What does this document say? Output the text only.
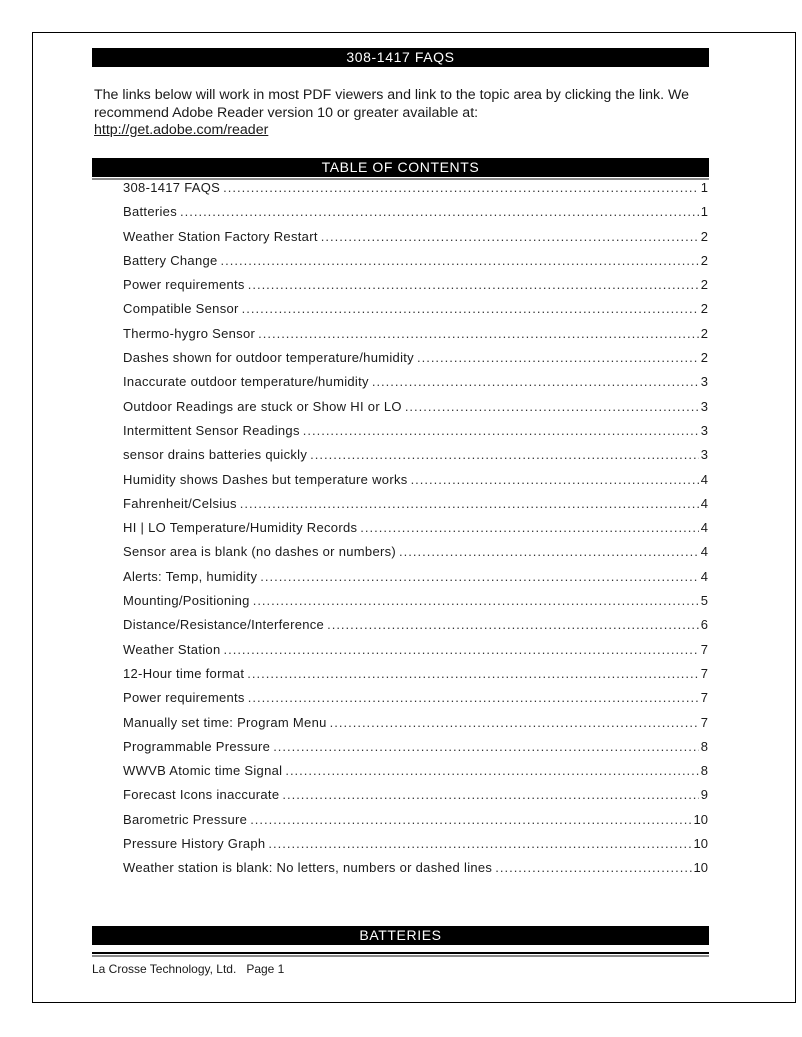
308-1417 FAQS
The links below will work in most PDF viewers and link to the topic area by clicking the link. We recommend Adobe Reader version 10 or greater available at:
http://get.adobe.com/reader
TABLE OF CONTENTS
308-1417 FAQS .....	1
Batteries .....	1
Weather Station Factory Restart .....	2
Battery Change .....	2
Power requirements .....	2
Compatible Sensor .....	2
Thermo-hygro Sensor .....	2
Dashes shown for outdoor temperature/humidity .....	2
Inaccurate outdoor temperature/humidity .....	3
Outdoor Readings are stuck or Show HI or LO .....	3
Intermittent Sensor Readings .....	3
sensor drains batteries quickly .....	3
Humidity shows Dashes but temperature works .....	4
Fahrenheit/Celsius .....	4
HI | LO Temperature/Humidity Records .....	4
Sensor area is blank (no dashes or numbers) .....	4
Alerts: Temp, humidity .....	4
Mounting/Positioning .....	5
Distance/Resistance/Interference .....	6
Weather Station .....	7
12-Hour time format .....	7
Power requirements .....	7
Manually set time: Program Menu .....	7
Programmable Pressure .....	8
WWVB Atomic time Signal .....	8
Forecast Icons inaccurate .....	9
Barometric Pressure .....	10
Pressure History Graph .....	10
Weather station is blank: No letters, numbers or dashed lines .....	10
BATTERIES
La Crosse Technology, Ltd.   Page 1
